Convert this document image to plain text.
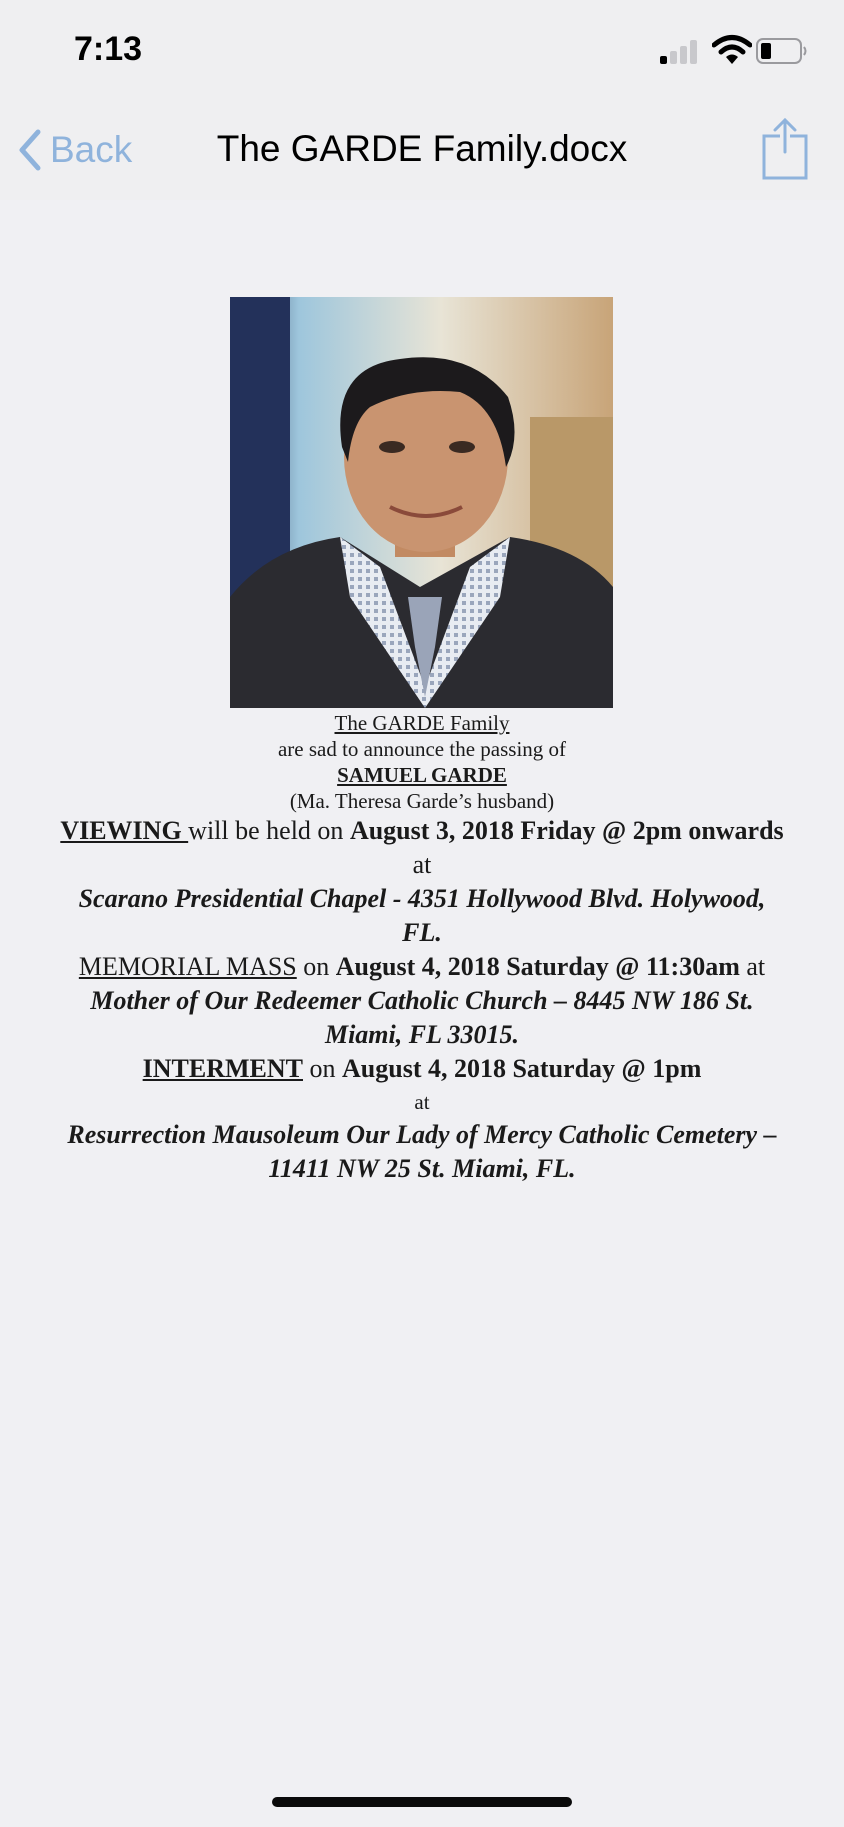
7:13
Back	The GARDE Family.docx
The GARDE Family
are sad to announce the passing of
SAMUEL GARDE
(Ma. Theresa Garde’s husband)
VIEWING will be held on August 3, 2018 Friday @ 2pm onwards at
Scarano Presidential Chapel - 4351 Hollywood Blvd. Holywood, FL.
MEMORIAL MASS on August 4, 2018 Saturday @ 11:30am at
Mother of Our Redeemer Catholic Church – 8445 NW 186 St. Miami, FL 33015.
INTERMENT on August 4, 2018 Saturday @ 1pm
at
Resurrection Mausoleum Our Lady of Mercy Catholic Cemetery – 11411 NW 25 St. Miami, FL.
